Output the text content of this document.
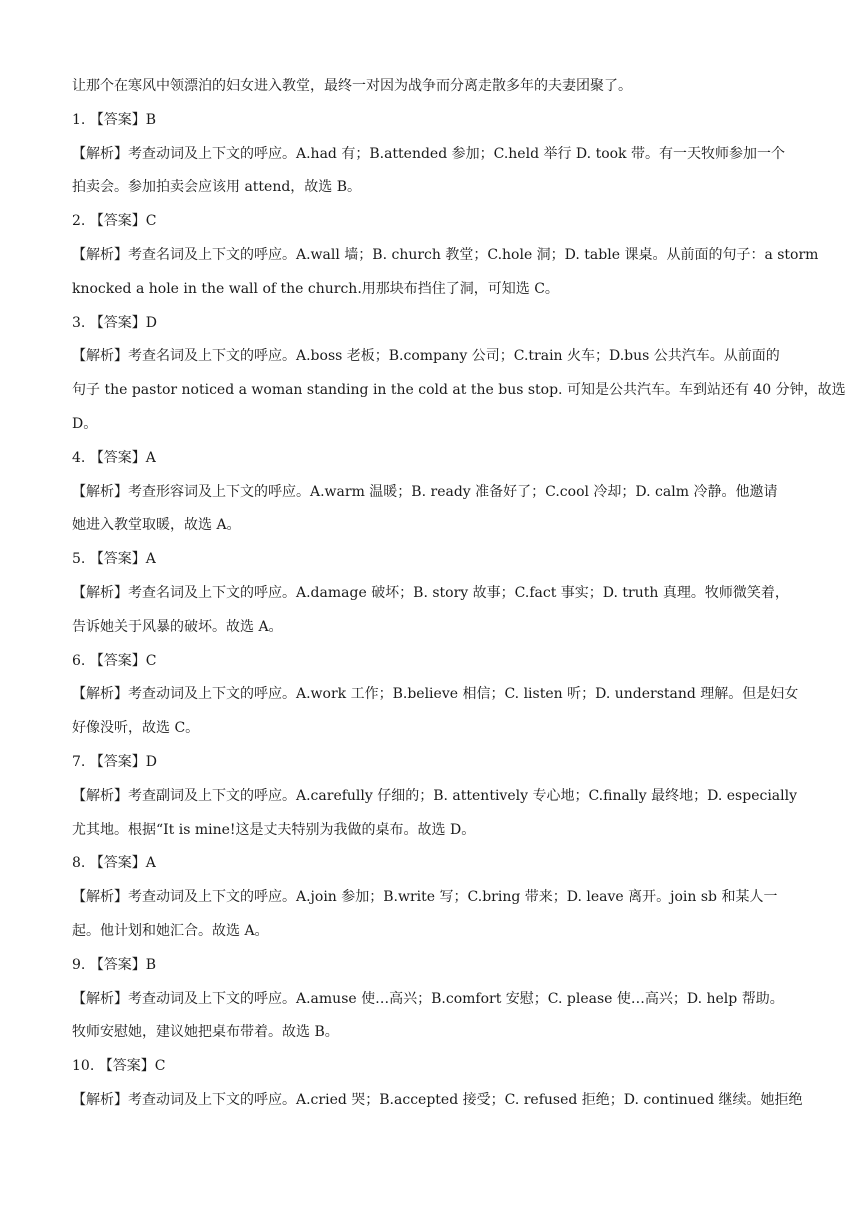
让那个在寒风中领漂泊的妇女进入教堂，最终一对因为战争而分离走散多年的夫妻团聚了。
1. 【答案】B
【解析】考查动词及上下文的呼应。A.had 有；B.attended 参加；C.held 举行 D. took 带。有一天牧师参加一个
拍卖会。参加拍卖会应该用 attend，故选 B。
2. 【答案】C
【解析】考查名词及上下文的呼应。A.wall 墙；B. church 教堂；C.hole 洞；D. table 课桌。从前面的句子：a storm
knocked a hole in the wall of the church.用那块布挡住了洞，可知选 C。
3. 【答案】D
【解析】考查名词及上下文的呼应。A.boss 老板；B.company 公司；C.train 火车；D.bus 公共汽车。从前面的
句子 the pastor noticed a woman standing in the cold at the bus stop. 可知是公共汽车。车到站还有 40 分钟，故选
D。
4. 【答案】A
【解析】考查形容词及上下文的呼应。A.warm 温暖；B. ready 准备好了；C.cool 冷却；D. calm 冷静。他邀请
她进入教堂取暖，故选 A。
5. 【答案】A
【解析】考查名词及上下文的呼应。A.damage 破坏；B. story 故事；C.fact 事实；D. truth 真理。牧师微笑着，
告诉她关于风暴的破坏。故选 A。
6. 【答案】C
【解析】考查动词及上下文的呼应。A.work 工作；B.believe 相信；C. listen 听；D. understand 理解。但是妇女
好像没听，故选 C。
7. 【答案】D
【解析】考查副词及上下文的呼应。A.carefully 仔细的；B. attentively 专心地；C.finally 最终地；D. especially
尤其地。根据“It is mine!这是丈夫特别为我做的桌布。故选 D。
8. 【答案】A
【解析】考查动词及上下文的呼应。A.join 参加；B.write 写；C.bring 带来；D. leave 离开。join sb 和某人一
起。他计划和她汇合。故选 A。
9. 【答案】B
【解析】考查动词及上下文的呼应。A.amuse 使…高兴；B.comfort 安慰；C. please 使…高兴；D. help 帮助。
牧师安慰她，建议她把桌布带着。故选 B。
10. 【答案】C
【解析】考查动词及上下文的呼应。A.cried 哭；B.accepted 接受；C. refused 拒绝；D. continued 继续。她拒绝
